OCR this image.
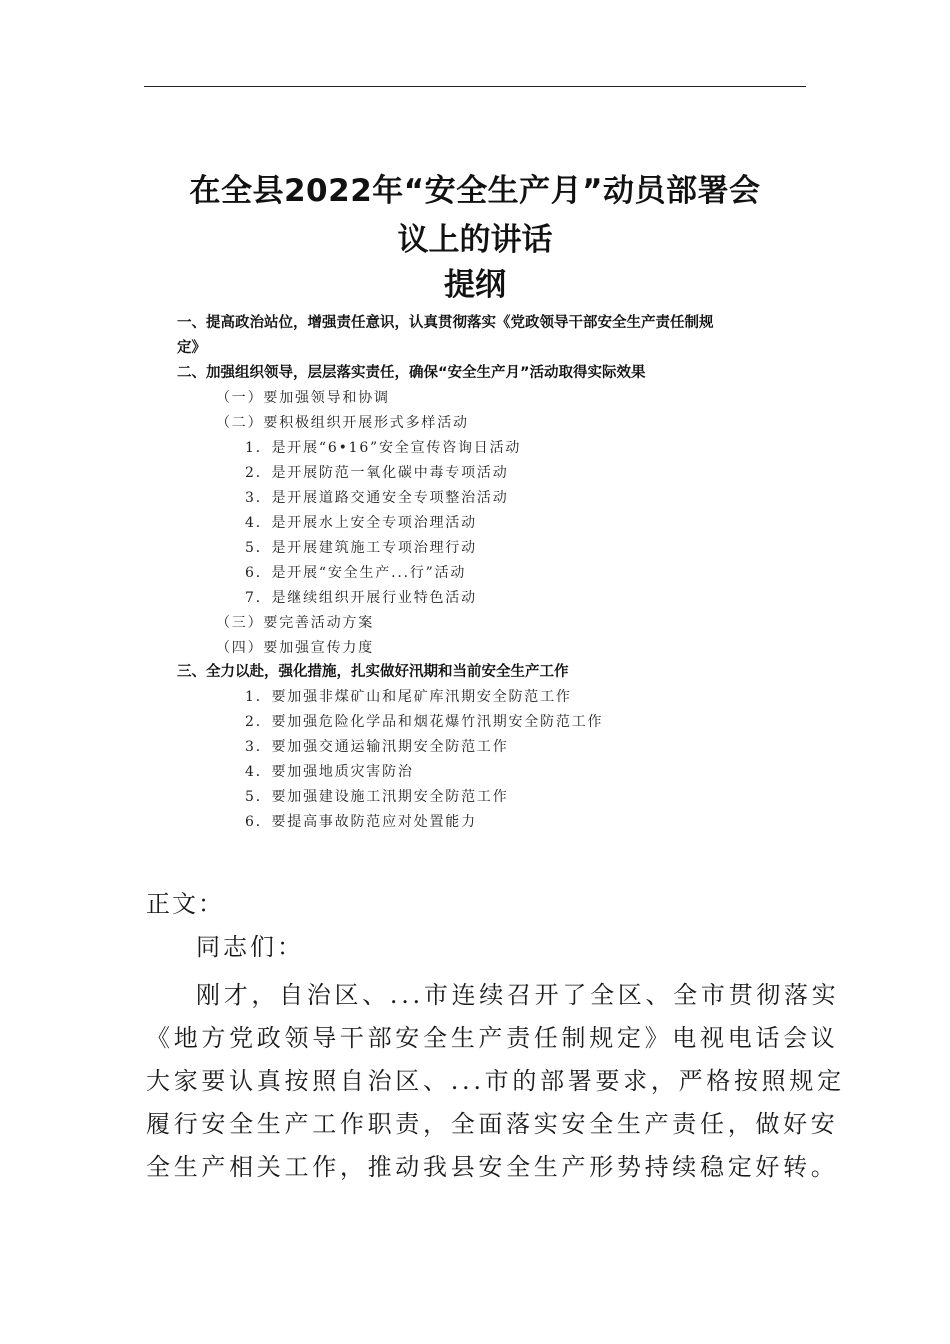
在全县2022年“安全生产月”动员部署会
议上的讲话
提纲
一、提高政治站位，增强责任意识，认真贯彻落实《党政领导干部安全生产责任制规
定》
二、加强组织领导，层层落实责任，确保“安全生产月”活动取得实际效果
（一）要加强领导和协调
（二）要积极组织开展形式多样活动
1．是开展“6•16”安全宣传咨询日活动
2．是开展防范一氧化碳中毒专项活动
3．是开展道路交通安全专项整治活动
4．是开展水上安全专项治理活动
5．是开展建筑施工专项治理行动
6．是开展“安全生产...行”活动
7．是继续组织开展行业特色活动
（三）要完善活动方案
（四）要加强宣传力度
三、全力以赴，强化措施，扎实做好汛期和当前安全生产工作
1．要加强非煤矿山和尾矿库汛期安全防范工作
2．要加强危险化学品和烟花爆竹汛期安全防范工作
3．要加强交通运输汛期安全防范工作
4．要加强地质灾害防治
5．要加强建设施工汛期安全防范工作
6．要提高事故防范应对处置能力
正文：
同志们：
刚才，自治区、...市连续召开了全区、全市贯彻落实
《地方党政领导干部安全生产责任制规定》电视电话会议
大家要认真按照自治区、...市的部署要求，严格按照规定
履行安全生产工作职责，全面落实安全生产责任，做好安
全生产相关工作，推动我县安全生产形势持续稳定好转。
